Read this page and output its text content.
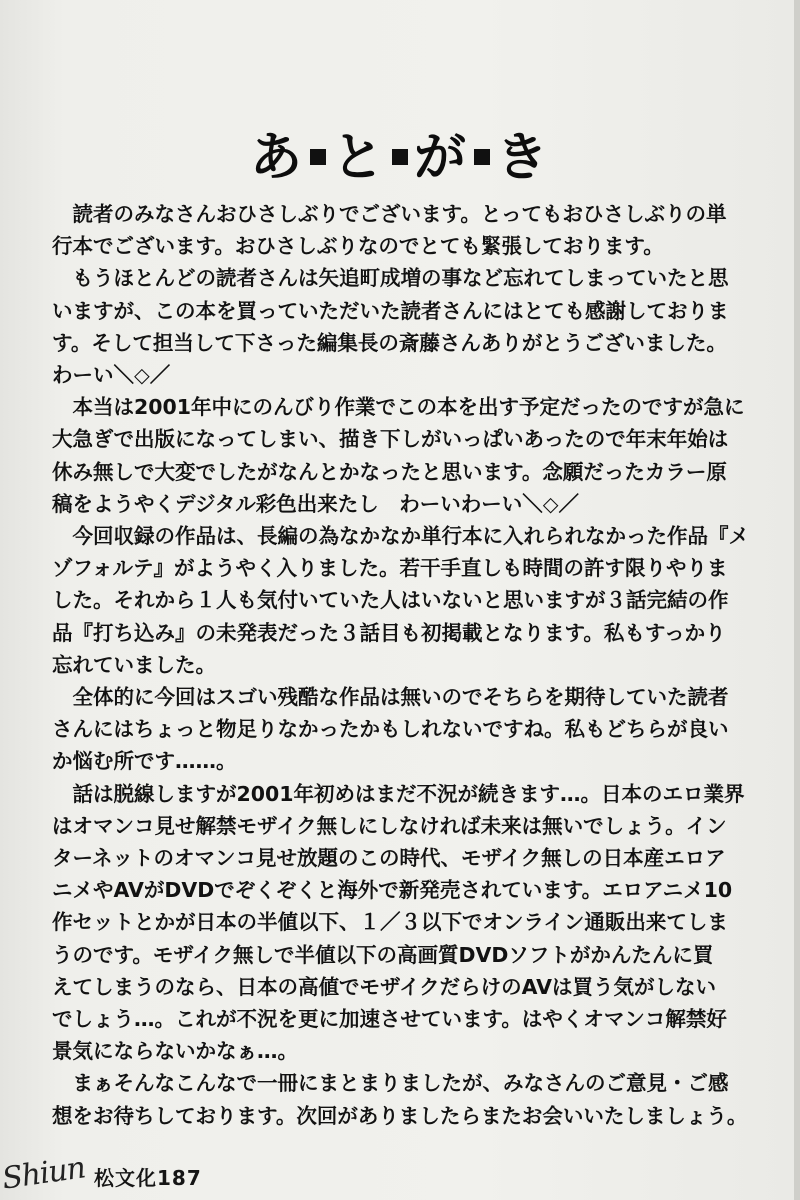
あ と が き
　読者のみなさんおひさしぶりでございます。とってもおひさしぶりの単
行本でございます。おひさしぶりなのでとても緊張しております。
　もうほとんどの読者さんは矢追町成増の事など忘れてしまっていたと思
いますが、この本を買っていただいた読者さんにはとても感謝しておりま
す。そして担当して下さった編集長の斎藤さんありがとうございました。
わーい＼◇／
　本当は2001年中にのんびり作業でこの本を出す予定だったのですが急に
大急ぎで出版になってしまい、描き下しがいっぱいあったので年末年始は
休み無しで大変でしたがなんとかなったと思います。念願だったカラー原
稿をようやくデジタル彩色出来たし　わーいわーい＼◇／
　今回収録の作品は、長編の為なかなか単行本に入れられなかった作品『メ
ゾフォルテ』がようやく入りました。若干手直しも時間の許す限りやりま
した。それから１人も気付いていた人はいないと思いますが３話完結の作
品『打ち込み』の未発表だった３話目も初掲載となります。私もすっかり
忘れていました。
　全体的に今回はスゴい残酷な作品は無いのでそちらを期待していた読者
さんにはちょっと物足りなかったかもしれないですね。私もどちらが良い
か悩む所です……。
　話は脱線しますが2001年初めはまだ不況が続きます…。日本のエロ業界
はオマンコ見せ解禁モザイク無しにしなければ未来は無いでしょう。イン
ターネットのオマンコ見せ放題のこの時代、モザイク無しの日本産エロア
ニメやAVがDVDでぞくぞくと海外で新発売されています。エロアニメ10
作セットとかが日本の半値以下、１／３以下でオンライン通販出来てしま
うのです。モザイク無しで半値以下の高画質DVDソフトがかんたんに買
えてしまうのなら、日本の高値でモザイクだらけのAVは買う気がしない
でしょう…。これが不況を更に加速させています。はやくオマンコ解禁好
景気にならないかなぁ…。
　まぁそんなこんなで一冊にまとまりましたが、みなさんのご意見・ご感
想をお待ちしております。次回がありましたらまたお会いいたしましょう。
Shiun 松文化187
